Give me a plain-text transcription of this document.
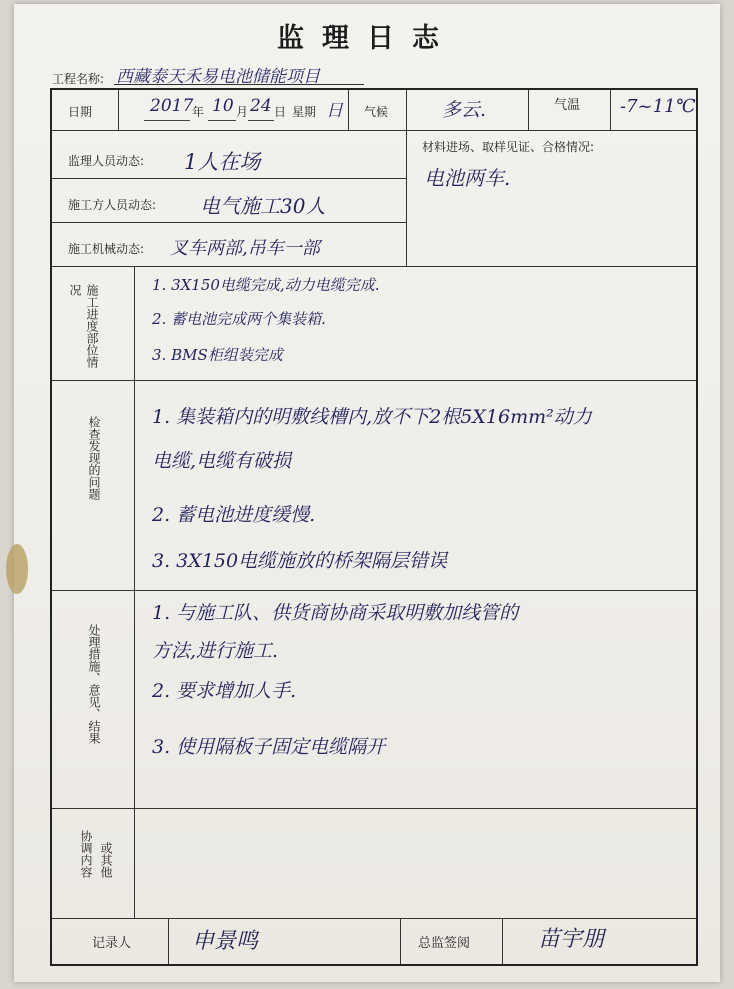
监理日志
工程名称: 西藏泰天禾易电池储能项目
日期	2017
年 10 月 24 日 星期 日 气候	多云.	气温 -7~11℃
监理人员动态: 1人在场
施工方人员动态: 电气施工30人
施工机械动态: 叉车两部,吊车一部
材料进场、取样见证、合格情况:
电池两车.
施工进度部位情况	1. 3X150电缆完成,动力电缆完成.
2. 蓄电池完成两个集装箱.
3. BMS柜组装完成
检查发现的问题	1. 集装箱内的明敷线槽内,放不下2根5X16mm²动力
电缆,电缆有破损
2. 蓄电池进度缓慢.
3. 3X150电缆施放的桥架隔层错误
处理措施、意见、结果
1. 与施工队、供货商协商采取明敷加线管的
方法,进行施工.
2. 要求增加人手.
3. 使用隔板子固定电缆隔开
协调内容 或其他
记录人	申景鸣	总监签阅	苗宇朋
